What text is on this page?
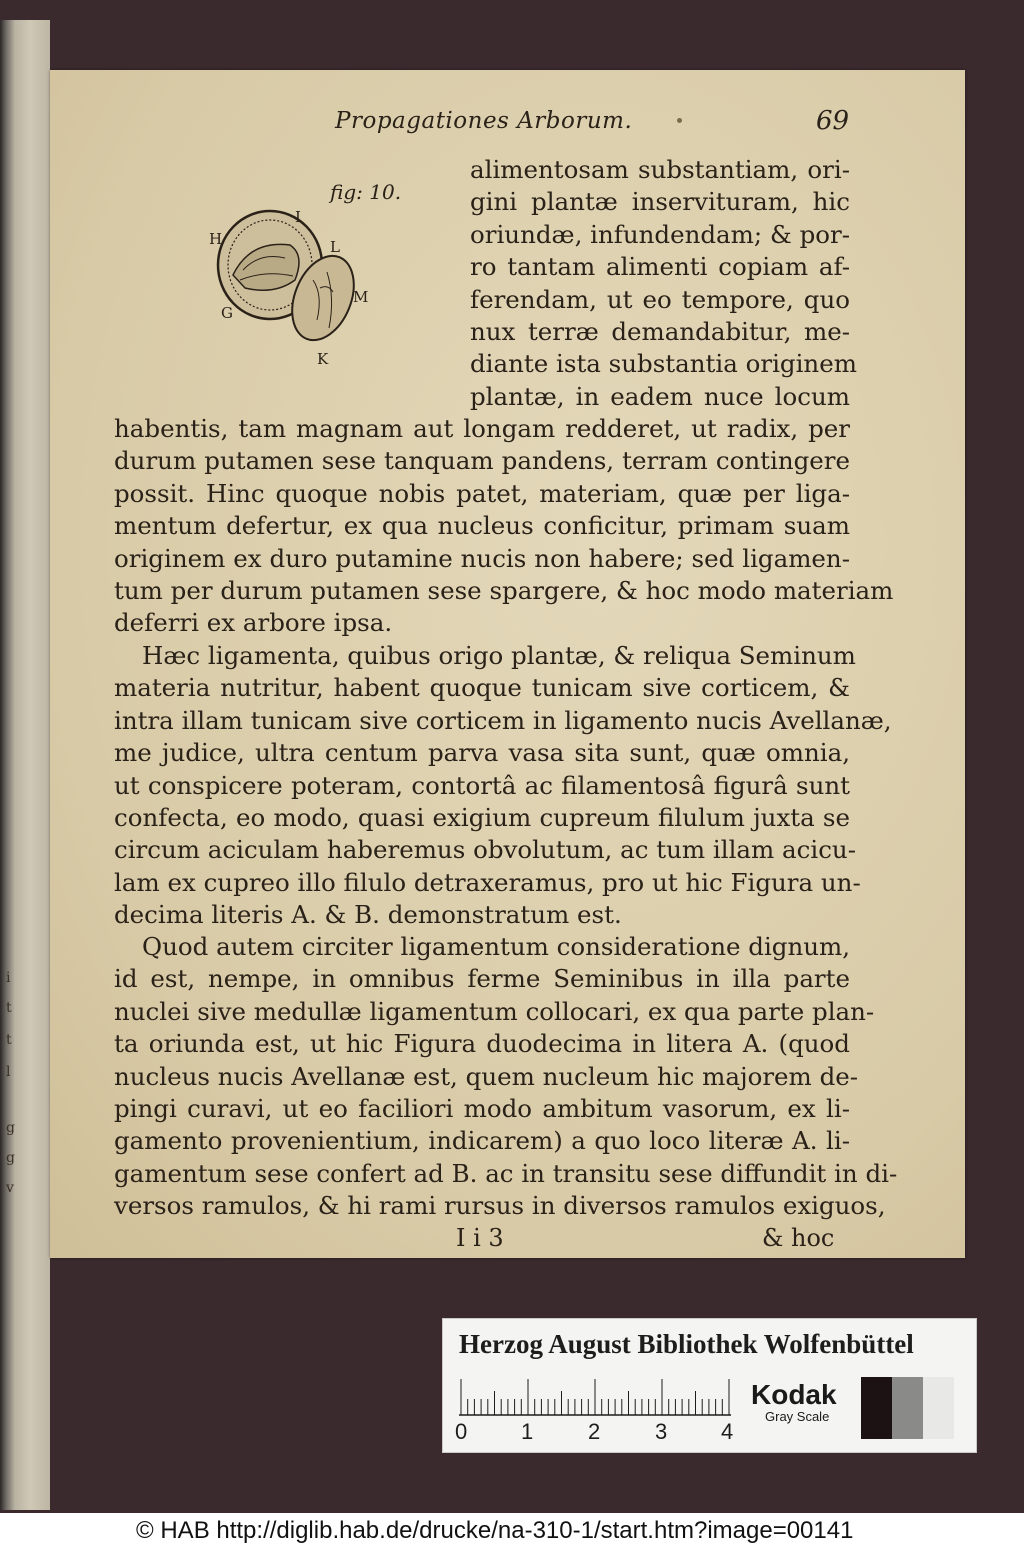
i
t
t
l
g
g
v
Propagationes Arborum.	69
fig: 10.
H
I
L
M
G
K
alimentosam substantiam, ori-
gini plantæ inservituram, hic
oriundæ, infundendam; & por-
ro tantam alimenti copiam af-
ferendam, ut eo tempore, quo
nux terræ demandabitur, me-
diante ista substantia originem
plantæ, in eadem nuce locum
habentis, tam magnam aut longam redderet, ut radix, per
durum putamen sese tanquam pandens, terram contingere
possit. Hinc quoque nobis patet, materiam, quæ per liga-
mentum defertur, ex qua nucleus conficitur, primam suam
originem ex duro putamine nucis non habere; sed ligamen-
tum per durum putamen sese spargere, & hoc modo materiam
deferri ex arbore ipsa.
Hæc ligamenta, quibus origo plantæ, & reliqua Seminum
materia nutritur, habent quoque tunicam sive corticem, &
intra illam tunicam sive corticem in ligamento nucis Avellanæ,
me judice, ultra centum parva vasa sita sunt, quæ omnia,
ut conspicere poteram, contortâ ac filamentosâ figurâ sunt
confecta, eo modo, quasi exigium cupreum filulum juxta se
circum aciculam haberemus obvolutum, ac tum illam acicu-
lam ex cupreo illo filulo detraxeramus, pro ut hic Figura un-
decima literis A. & B. demonstratum est.
Quod autem circiter ligamentum consideratione dignum,
id est, nempe, in omnibus ferme Seminibus in illa parte
nuclei sive medullæ ligamentum collocari, ex qua parte plan-
ta oriunda est, ut hic Figura duodecima in litera A. (quod
nucleus nucis Avellanæ est, quem nucleum hic majorem de-
pingi curavi, ut eo faciliori modo ambitum vasorum, ex li-
gamento provenientium, indicarem) a quo loco literæ A. li-
gamentum sese confert ad B. ac in transitu sese diffundit in di-
versos ramulos, & hi rami rursus in diversos ramulos exiguos,
I i 3	& hoc
Herzog August Bibliothek Wolfenbüttel
0 1 2 3 4
Kodak
Gray Scale
© HAB http://diglib.hab.de/drucke/na-310-1/start.htm?image=00141
